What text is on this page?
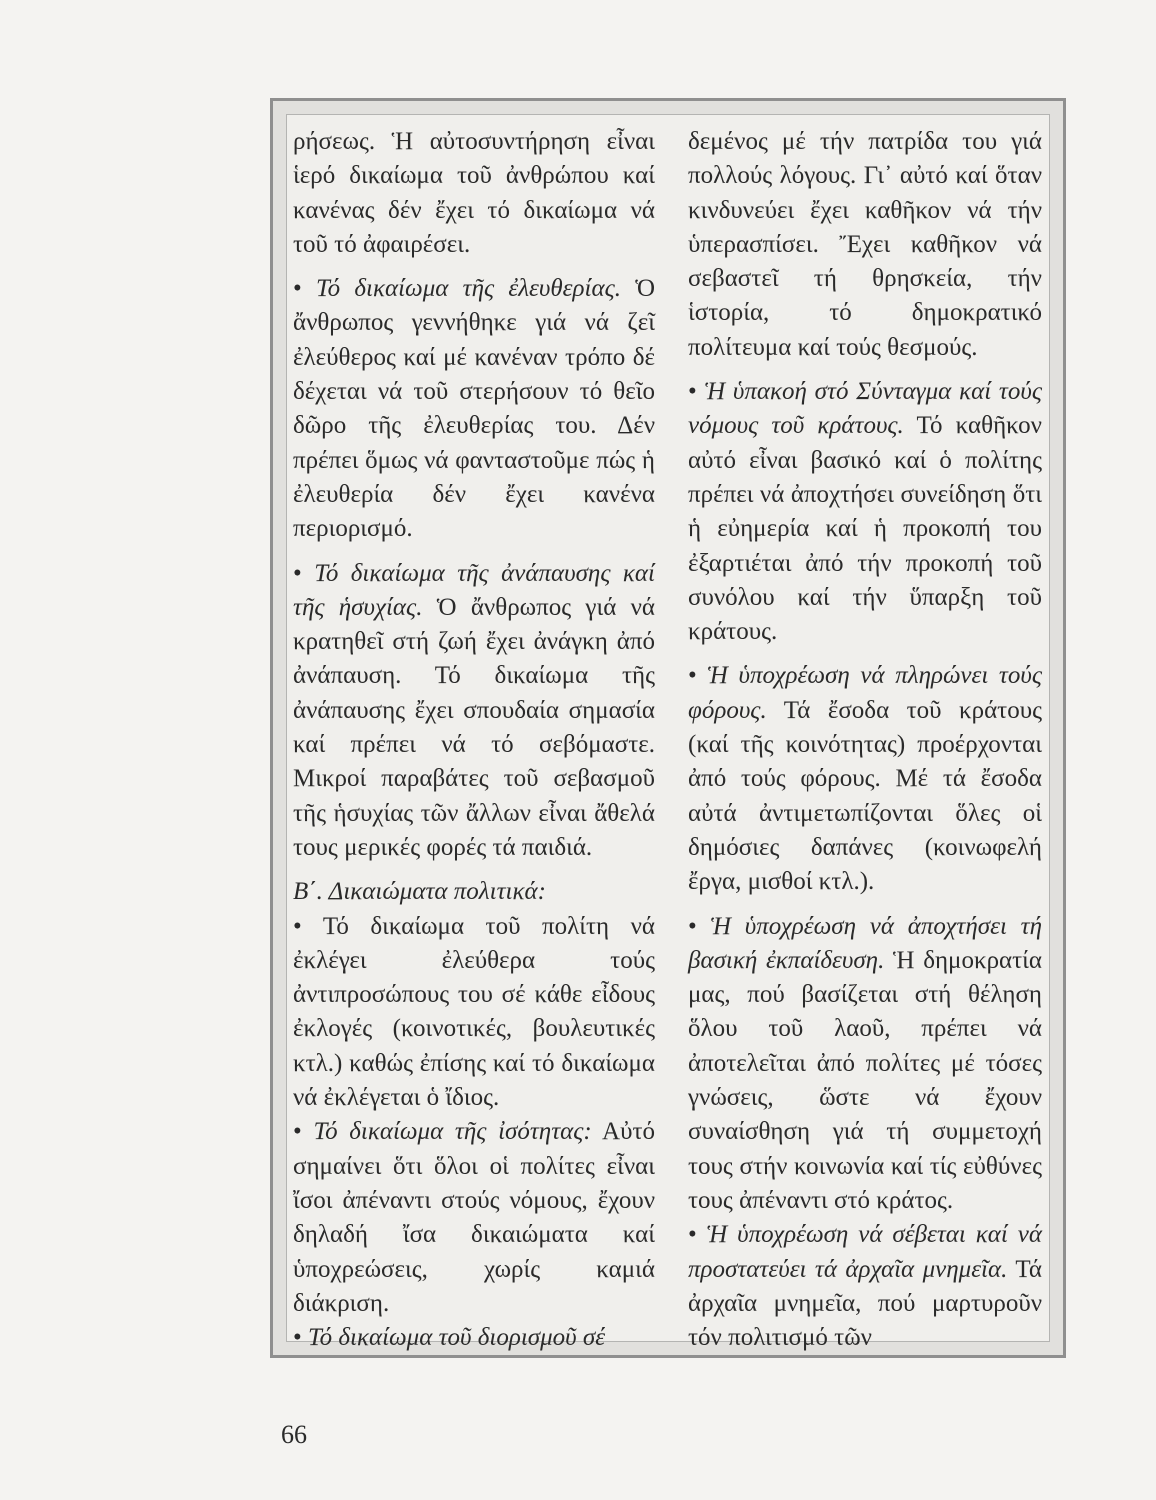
ρήσεως. Ἡ αὐτοσυντήρηση εἶναι ἱερό δικαίωμα τοῦ ἀνθρώπου καί κανένας δέν ἔχει τό δικαίωμα νά τοῦ τό ἀφαιρέσει.

• Τό δικαίωμα τῆς ἐλευθερίας. Ὁ ἄνθρωπος γεννήθηκε γιά νά ζεῖ ἐλεύθερος καί μέ κανέναν τρόπο δέ δέχεται νά τοῦ στερήσουν τό θεῖο δῶρο τῆς ἐλευθερίας του. Δέν πρέπει ὅμως νά φανταστοῦμε πώς ἡ ἐλευθερία δέν ἔχει κανένα περιορισμό.

• Τό δικαίωμα τῆς ἀνάπαυσης καί τῆς ἡσυχίας. Ὁ ἄνθρωπος γιά νά κρατηθεῖ στή ζωή ἔχει ἀνάγκη ἀπό ἀνάπαυση. Τό δικαίωμα τῆς ἀνάπαυσης ἔχει σπουδαία σημασία καί πρέπει νά τό σεβόμαστε. Μικροί παραβάτες τοῦ σεβασμοῦ τῆς ἡσυχίας τῶν ἄλλων εἶναι ἄθελά τους μερικές φορές τά παιδιά.

Β΄. Δικαιώματα πολιτικά:

• Τό δικαίωμα τοῦ πολίτη νά ἐκλέγει ἐλεύθερα τούς ἀντιπροσώπους του σέ κάθε εἶδους ἐκλογές (κοινοτικές, βουλευτικές κτλ.) καθώς ἐπίσης καί τό δικαίωμα νά ἐκλέγεται ὁ ἴδιος.

• Τό δικαίωμα τῆς ἰσότητας: Αὐτό σημαίνει ὅτι ὅλοι οἱ πολίτες εἶναι ἴσοι ἀπέναντι στούς νόμους, ἔχουν δηλαδή ἴσα δικαιώματα καί ὑποχρεώσεις, χωρίς καμιά διάκριση.

• Τό δικαίωμα τοῦ διορισμοῦ σέ

δεμένος μέ τήν πατρίδα του γιά πολλούς λόγους. Γι᾽ αὐτό καί ὅταν κινδυνεύει ἔχει καθῆκον νά τήν ὑπερασπίσει. Ἔχει καθῆκον νά σεβαστεῖ τή θρησκεία, τήν ἱστορία, τό δημοκρατικό πολίτευμα καί τούς θεσμούς.

• Ἡ ὑπακοή στό Σύνταγμα καί τούς νόμους τοῦ κράτους. Τό καθῆκον αὐτό εἶναι βασικό καί ὁ πολίτης πρέπει νά ἀποχτήσει συνείδηση ὅτι ἡ εὐημερία καί ἡ προκοπή του ἐξαρτιέται ἀπό τήν προκοπή τοῦ συνόλου καί τήν ὕπαρξη τοῦ κράτους.

• Ἡ ὑποχρέωση νά πληρώνει τούς φόρους. Τά ἔσοδα τοῦ κράτους (καί τῆς κοινότητας) προέρχονται ἀπό τούς φόρους. Μέ τά ἔσοδα αὐτά ἀντιμετωπίζονται ὅλες οἱ δημόσιες δαπάνες (κοινωφελή ἔργα, μισθοί κτλ.).

• Ἡ ὑποχρέωση νά ἀποχτήσει τή βασική ἐκπαίδευση. Ἡ δημοκρατία μας, πού βασίζεται στή θέληση ὅλου τοῦ λαοῦ, πρέπει νά ἀποτελεῖται ἀπό πολίτες μέ τόσες γνώσεις, ὥστε νά ἔχουν συναίσθηση γιά τή συμμετοχή τους στήν κοινωνία καί τίς εὐθύνες τους ἀπέναντι στό κράτος.

• Ἡ ὑποχρέωση νά σέβεται καί νά προστατεύει τά ἀρχαῖα μνημεῖα. Τά ἀρχαῖα μνημεῖα, πού μαρτυροῦν τόν πολιτισμό τῶν

66
